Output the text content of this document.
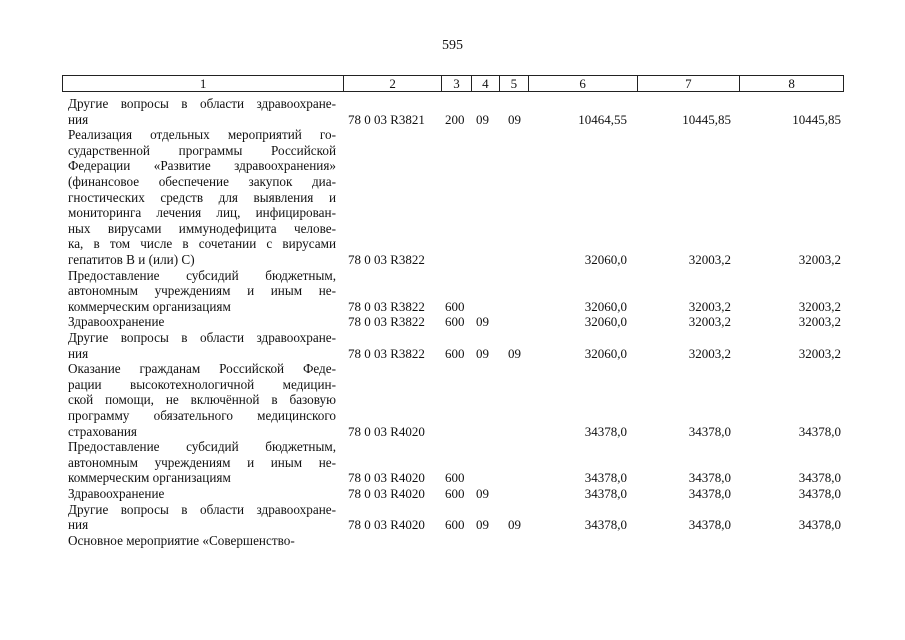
595
1	2	3	4	5	6	7	8
Другие вопросы в области здравоохране-
ния	78 0 03 R3821 200 09 09	10464,55	10445,85	10445,85
Реализация отдельных мероприятий го-
сударственной программы Российской
Федерации «Развитие здравоохранения»
(финансовое обеспечение закупок диа-
гностических средств для выявления и
мониторинга лечения лиц, инфицирован-
ных вирусами иммунодефицита челове-
ка, в том числе в сочетании с вирусами
гепатитов В и (или) С)	78 0 03 R3822	32060,0	32003,2	32003,2
Предоставление субсидий бюджетным,
автономным учреждениям и иным не-
коммерческим организациям	78 0 03 R3822 600	32060,0	32003,2	32003,2
Здравоохранение	78 0 03 R3822 600 09	32060,0	32003,2	32003,2
Другие вопросы в области здравоохране-
ния	78 0 03 R3822 600 09 09	32060,0	32003,2	32003,2
Оказание гражданам Российской Феде-
рации высокотехнологичной медицин-
ской помощи, не включённой в базовую
программу обязательного медицинского
страхования	78 0 03 R4020	34378,0	34378,0	34378,0
Предоставление субсидий бюджетным,
автономным учреждениям и иным не-
коммерческим организациям	78 0 03 R4020 600	34378,0	34378,0	34378,0
Здравоохранение	78 0 03 R4020 600 09	34378,0	34378,0	34378,0
Другие вопросы в области здравоохране-
ния	78 0 03 R4020 600 09 09	34378,0	34378,0	34378,0
Основное мероприятие «Совершенство-
